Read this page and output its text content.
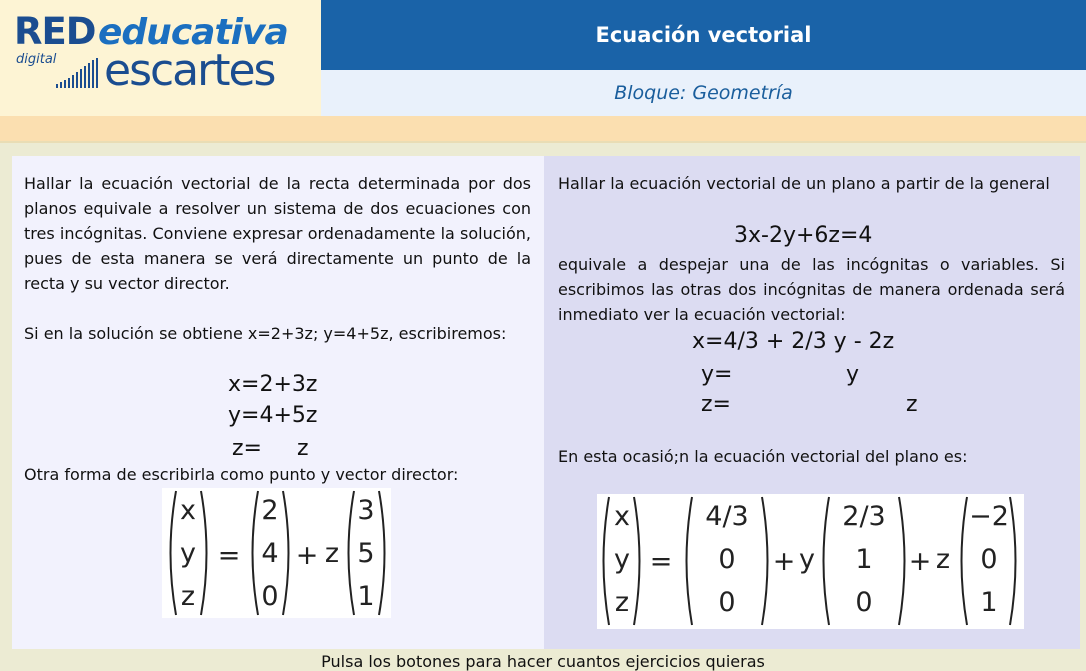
RED educativa
digital escartes
Ecuación vectorial
Bloque: Geometría

Hallar la ecuación vectorial de la recta determinada por dos planos equivale a resolver un sistema de dos ecuaciones con tres incógnitas. Conviene expresar ordenadamente la solución, pues de esta manera se verá directamente un punto de la recta y su vector director.

Si en la solución se obtiene x=2+3z; y=4+5z, escribiremos:

x=2+3z

y=4+5z

z=     z

Otra forma de escribirla como punto y vector director:

x
y
z
=
2
4
0
+ z
3
5
1

Hallar la ecuación vectorial de un plano a partir de la general

3x-2y+6z=4

equivale a despejar una de las incógnitas o variables. Si escribimos las otras dos incógnitas de manera ordenada será inmediato ver la ecuación vectorial:

x=4/3 + 2/3 y - 2z

y=	y

z=	z

En esta ocasió;n la ecuación vectorial del plano es:

x
y
z
=
4/3
0
0
+ y
2/3
1
0
+ z
−2
0
1
Pulsa los botones para hacer cuantos ejercicios quieras
